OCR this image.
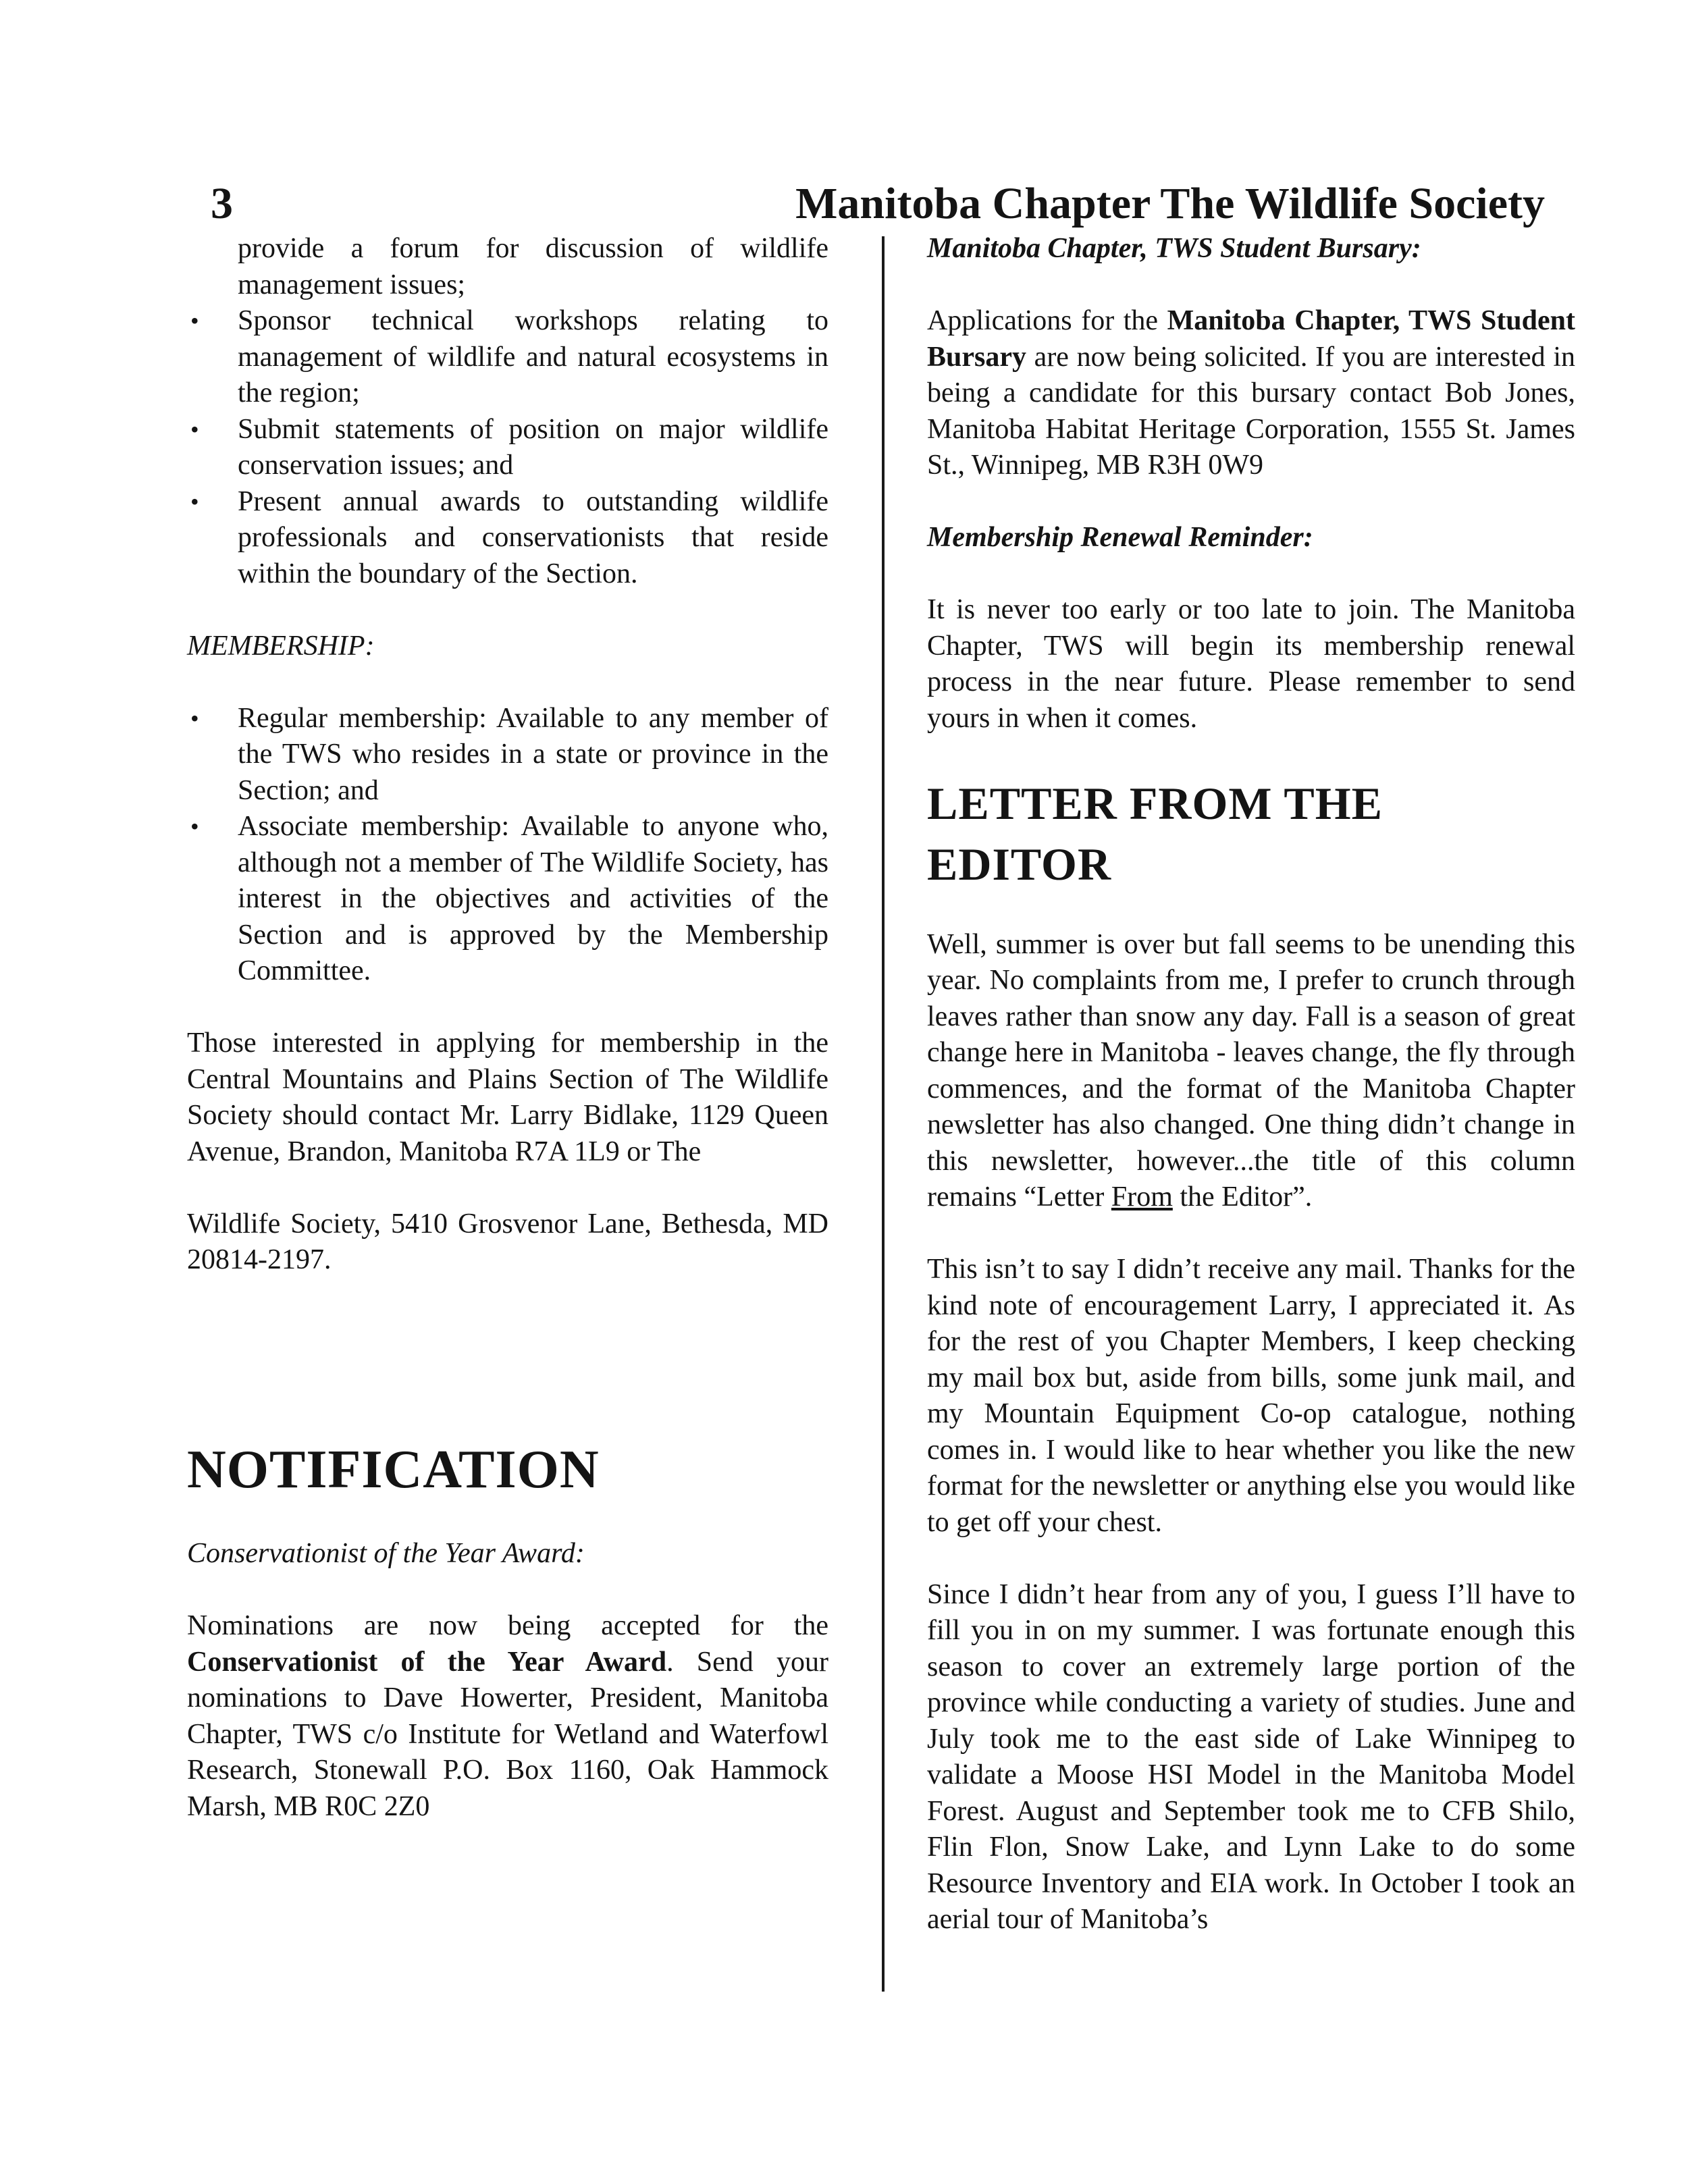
3	Manitoba Chapter The Wildlife Society
provide a forum for discussion of wildlife management issues;
• Sponsor technical workshops relating to management of wildlife and natural ecosystems in the region;
• Submit statements of position on major wildlife conservation issues; and
• Present annual awards to outstanding wildlife professionals and conservationists that reside within the boundary of the Section.
MEMBERSHIP:
• Regular membership: Available to any member of the TWS who resides in a state or province in the Section; and
• Associate membership: Available to anyone who, although not a member of The Wildlife Society, has interest in the objectives and activities of the Section and is approved by the Membership Committee.

Those interested in applying for membership in the Central Mountains and Plains Section of The Wildlife Society should contact Mr. Larry Bidlake, 1129 Queen Avenue, Brandon, Manitoba R7A 1L9 or The

Wildlife Society, 5410 Grosvenor Lane, Bethesda, MD 20814-2197.

NOTIFICATION
Conservationist of the Year Award:

Nominations are now being accepted for the Conservationist of the Year Award. Send your nominations to Dave Howerter, President, Manitoba Chapter, TWS c/o Institute for Wetland and Waterfowl Research, Stonewall P.O. Box 1160, Oak Hammock Marsh, MB R0C 2Z0

Manitoba Chapter, TWS Student Bursary:

Applications for the Manitoba Chapter, TWS Student Bursary are now being solicited. If you are interested in being a candidate for this bursary contact Bob Jones, Manitoba Habitat Heritage Corporation, 1555 St. James St., Winnipeg, MB R3H 0W9

Membership Renewal Reminder:

It is never too early or too late to join. The Manitoba Chapter, TWS will begin its membership renewal process in the near future. Please remember to send yours in when it comes.

LETTER FROM THE EDITOR

Well, summer is over but fall seems to be unending this year. No complaints from me, I prefer to crunch through leaves rather than snow any day. Fall is a season of great change here in Manitoba - leaves change, the fly through commences, and the format of the Manitoba Chapter newsletter has also changed. One thing didn’t change in this newsletter, however...the title of this column remains “Letter From the Editor”.

This isn’t to say I didn’t receive any mail. Thanks for the kind note of encouragement Larry, I appreciated it. As for the rest of you Chapter Members, I keep checking my mail box but, aside from bills, some junk mail, and my Mountain Equipment Co-op catalogue, nothing comes in. I would like to hear whether you like the new format for the newsletter or anything else you would like to get off your chest.

Since I didn’t hear from any of you, I guess I’ll have to fill you in on my summer. I was fortunate enough this season to cover an extremely large portion of the province while conducting a variety of studies. June and July took me to the east side of Lake Winnipeg to validate a Moose HSI Model in the Manitoba Model Forest. August and September took me to CFB Shilo, Flin Flon, Snow Lake, and Lynn Lake to do some Resource Inventory and EIA work. In October I took an aerial tour of Manitoba’s
